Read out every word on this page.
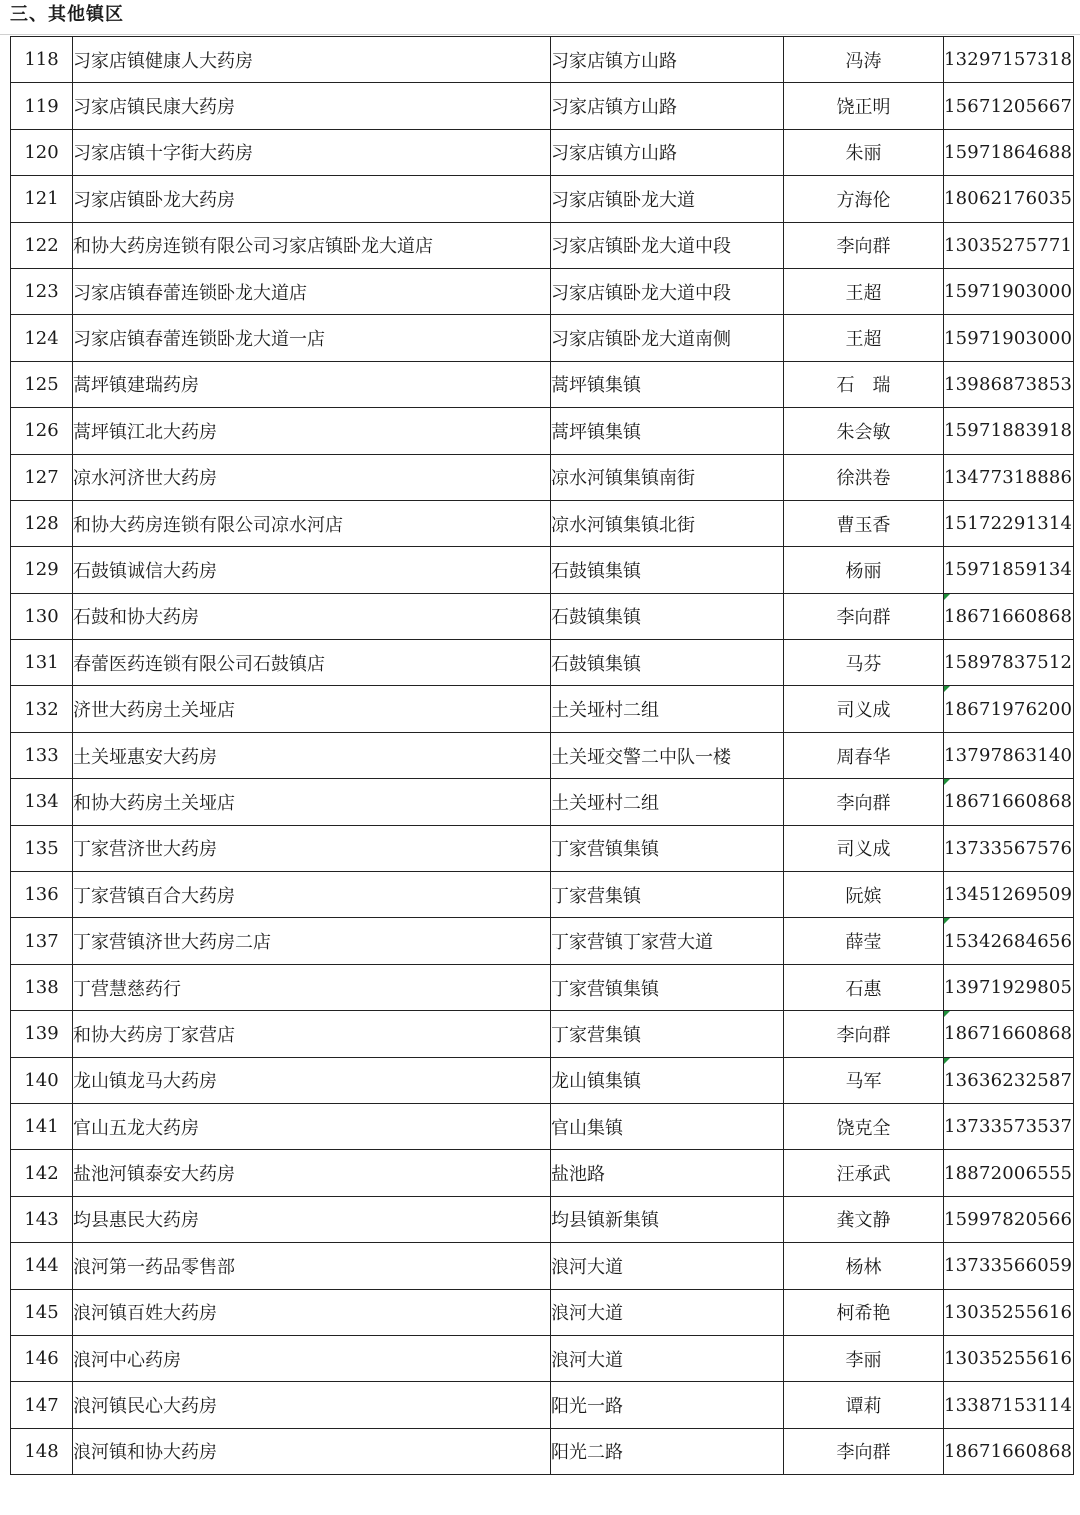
三、其他镇区
118	习家店镇健康人大药房	习家店镇方山路	冯涛	13297157318
119	习家店镇民康大药房	习家店镇方山路	饶正明	15671205667
120	习家店镇十字街大药房	习家店镇方山路	朱丽	15971864688
121	习家店镇卧龙大药房	习家店镇卧龙大道	方海伦	18062176035
122	和协大药房连锁有限公司习家店镇卧龙大道店	习家店镇卧龙大道中段	李向群	13035275771
123	习家店镇春蕾连锁卧龙大道店	习家店镇卧龙大道中段	王超	15971903000
124	习家店镇春蕾连锁卧龙大道一店	习家店镇卧龙大道南侧	王超	15971903000
125	蒿坪镇建瑞药房	蒿坪镇集镇	石　瑞	13986873853
126	蒿坪镇江北大药房	蒿坪镇集镇	朱会敏	15971883918
127	凉水河济世大药房	凉水河镇集镇南街	徐洪卷	13477318886
128	和协大药房连锁有限公司凉水河店	凉水河镇集镇北街	曹玉香	15172291314
129	石鼓镇诚信大药房	石鼓镇集镇	杨丽	15971859134
130	石鼓和协大药房	石鼓镇集镇	李向群	18671660868
131	春蕾医药连锁有限公司石鼓镇店	石鼓镇集镇	马芬	15897837512
132	济世大药房土关垭店	土关垭村二组	司义成	18671976200
133	土关垭惠安大药房	土关垭交警二中队一楼	周春华	13797863140
134	和协大药房土关垭店	土关垭村二组	李向群	18671660868
135	丁家营济世大药房	丁家营镇集镇	司义成	13733567576
136	丁家营镇百合大药房	丁家营集镇	阮嫔	13451269509
137	丁家营镇济世大药房二店	丁家营镇丁家营大道	薛莹	15342684656
138	丁营慧慈药行	丁家营镇集镇	石惠	13971929805
139	和协大药房丁家营店	丁家营集镇	李向群	18671660868
140	龙山镇龙马大药房	龙山镇集镇	马军	13636232587
141	官山五龙大药房	官山集镇	饶克全	13733573537
142	盐池河镇泰安大药房	盐池路	汪承武	18872006555
143	均县惠民大药房	均县镇新集镇	龚文静	15997820566
144	浪河第一药品零售部	浪河大道	杨林	13733566059
145	浪河镇百姓大药房	浪河大道	柯希艳	13035255616
146	浪河中心药房	浪河大道	李丽	13035255616
147	浪河镇民心大药房	阳光一路	谭莉	13387153114
148	浪河镇和协大药房	阳光二路	李向群	18671660868
